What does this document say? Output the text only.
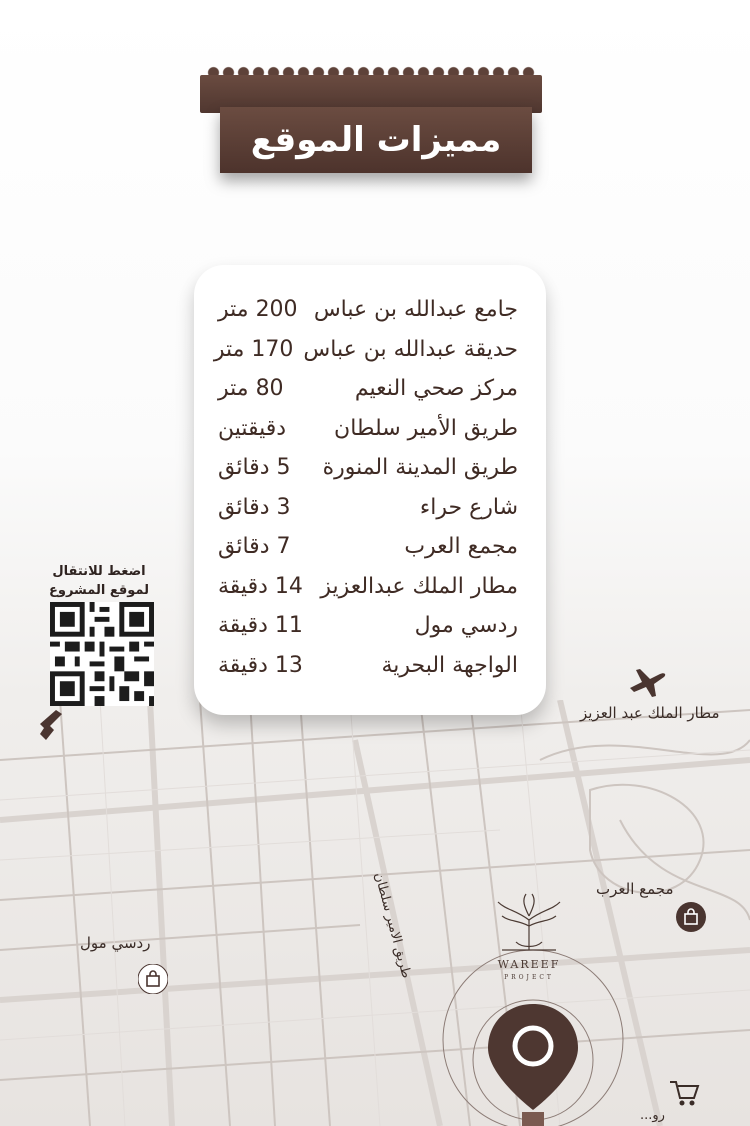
مميزات الموقع
جامع عبدالله بن عباس
200 متر
حديقة عبدالله بن عباس
170 متر
مركز صحي النعيم
80 متر
طريق الأمير سلطان
دقيقتين
طريق المدينة المنورة
5 دقائق
شارع حراء
3 دقائق
مجمع العرب
7 دقائق
مطار الملك عبدالعزيز
14 دقيقة
ردسي مول
11 دقيقة
الواجهة البحرية
13 دقيقة
اضغط للانتقال
لموقع المشروع
مطار الملك عبد العزيز
مجمع العرب
ردسي مول	طريق الامير سلطان	WAREEF
PROJECT
رو...
